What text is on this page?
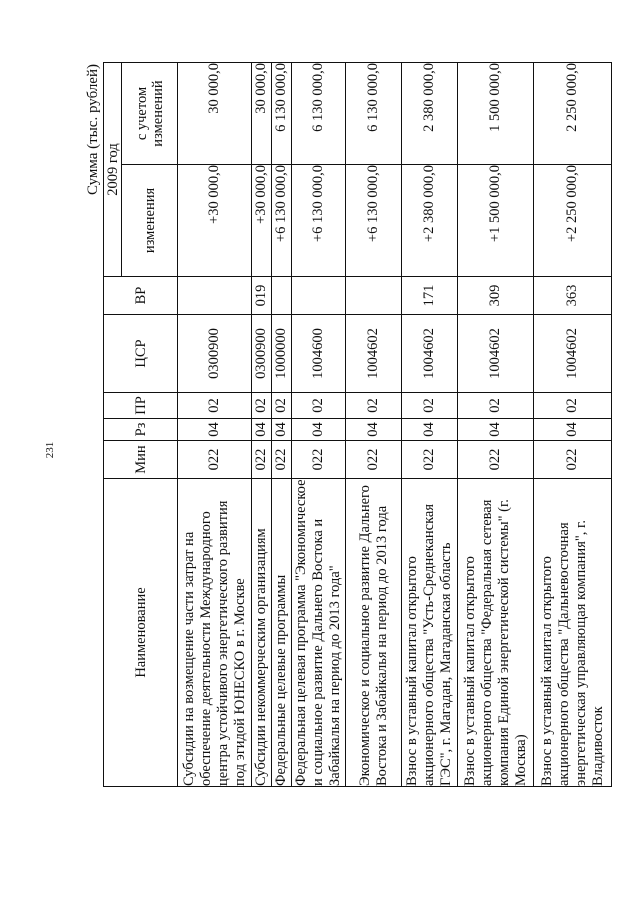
231
Сумма (тыс. рублей)
Наименование	Мин	Рз	ПР	ЦСР	ВР	2009 год	
						изменения	с учетом изменений

Субсидии на возмещение части затрат на обеспечение деятельности Международного центра устойчивого энергетического развития под эгидой ЮНЕСКО в г. Москве	022	04	02	0300900		+30 000,0	30 000,0
Субсидии некоммерческим организациям	022	04	02	0300900	019	+30 000,0	30 000,0
Федеральные целевые программы	022	04	02	1000000		+6 130 000,0	6 130 000,0
Федеральная целевая программа "Экономическое и социальное развитие Дальнего Востока и Забайкалья на период до 2013 года"	022	04	02	1004600		+6 130 000,0	6 130 000,0
Экономическое и социальное развитие Дальнего Востока и Забайкалья на период до 2013 года	022	04	02	1004602		+6 130 000,0	6 130 000,0
Взнос в уставный капитал открытого акционерного общества "Усть-Среднеканская ГЭС", г. Магадан, Магаданская область	022	04	02	1004602	171	+2 380 000,0	2 380 000,0
Взнос в уставный капитал открытого акционерного общества "Федеральная сетевая компания Единой энергетической системы" (г. Москва)	022	04	02	1004602	309	+1 500 000,0	1 500 000,0
Взнос в уставный капитал открытого акционерного общества "Дальневосточная энергетическая управляющая компания", г. Владивосток	022	04	02	1004602	363	+2 250 000,0	2 250 000,0
